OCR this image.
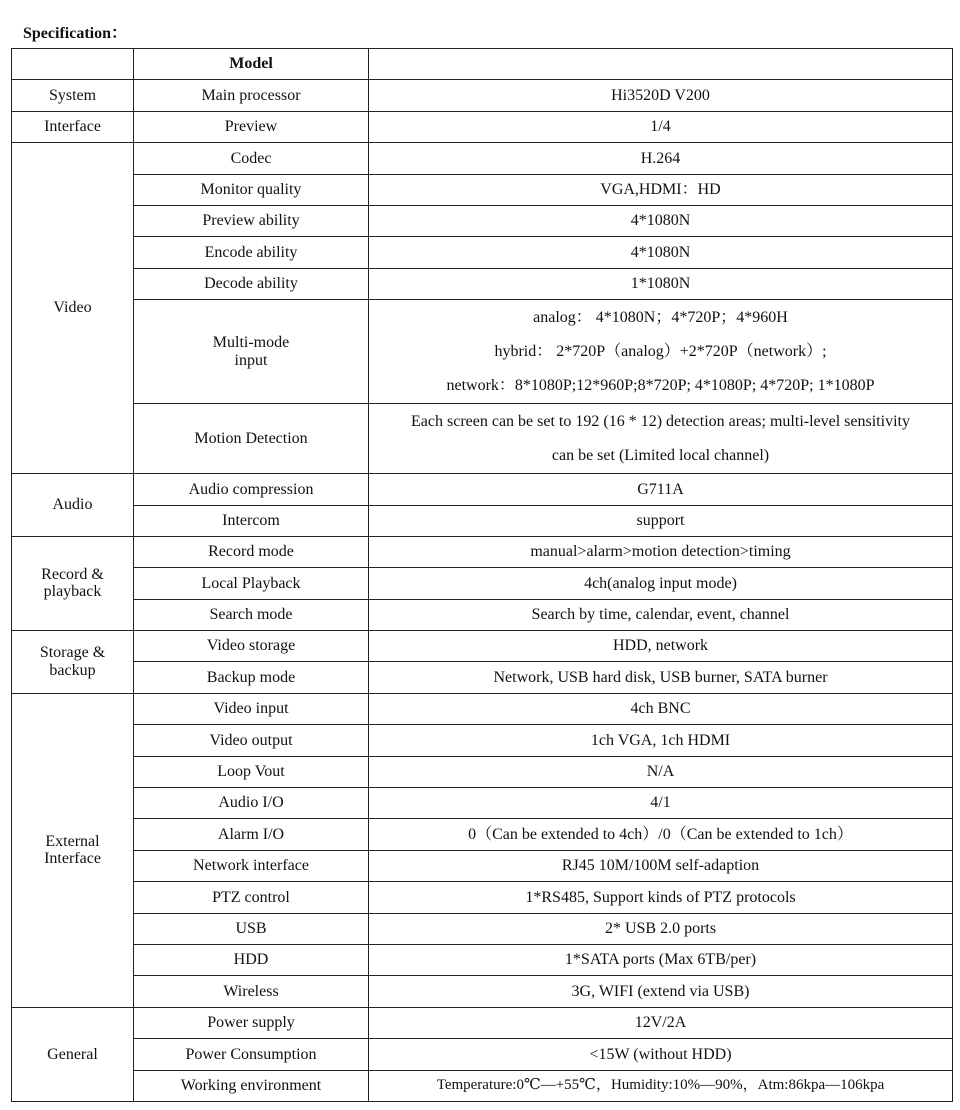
Specification：
	Model	
System	Main processor	Hi3520D V200
Interface	Preview	1/4
Video	Codec	H.264
	Monitor quality	VGA,HDMI：HD
	Preview ability	4*1080N
	Encode ability	4*1080N
	Decode ability	1*1080N
	Multi-mode input	analog： 4*1080N；4*720P；4*960H

hybrid： 2*720P（analog）+2*720P（network）;

network：8*1080P;12*960P;8*720P; 4*1080P; 4*720P; 1*1080P

	Motion Detection	Each screen can be set to 192 (16 * 12) detection areas; multi-level sensitivity

can be set (Limited local channel)

Audio	Audio compression	G711A
	Intercom	support
Record & playback	Record mode	manual>alarm>motion detection>timing
	Local Playback	4ch(analog input mode)
	Search mode	Search by time, calendar, event, channel
Storage & backup	Video storage	HDD, network
	Backup mode	Network, USB hard disk, USB burner, SATA burner
External Interface	Video input	4ch BNC
	Video output	1ch VGA, 1ch HDMI
	Loop Vout	N/A
	Audio I/O	4/1
	Alarm I/O	0（Can be extended to 4ch）/0（Can be extended to 1ch）
	Network interface	RJ45 10M/100M self-adaption
	PTZ control	1*RS485, Support kinds of PTZ protocols
	USB	2* USB 2.0 ports
	HDD	1*SATA ports (Max 6TB/per)
	Wireless	3G, WIFI (extend via USB)
General	Power supply	12V/2A
	Power Consumption	<15W (without HDD)
	Working environment	Temperature:0℃—+55℃，Humidity:10%—90%，Atm:86kpa—106kpa
